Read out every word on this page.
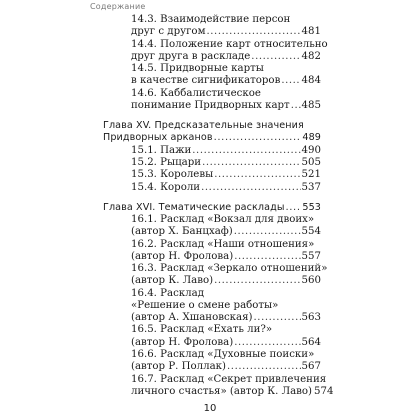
Содержание
14.3. Взаимодействие персон
друг с другом .....	481
14.4. Положение карт относительно
друг друга в раскладе .....	482
14.5. Придворные карты
в качестве сигнификаторов ..... 484
14.6. Каббалистическое
понимание Придворных карт ..... 485
Глава XV. Предсказательные значения
Придворных арканов .....	489
15.1. Пажи .....	490
15.2. Рыцари .....	505
15.3. Королевы .....	521
15.4. Короли .....	537
Глава XVI. Тематические расклады ..... 553
16.1. Расклад «Вокзал для двоих»
(автор Х. Банцхаф) .....	554
16.2. Расклад «Наши отношения»
(автор Н. Фролова) .....	557
16.3. Расклад «Зеркало отношений»
(автор К. Лаво) .....	560
16.4. Расклад
«Решение о смене работы»
(автор А. Хшановская) .....	563
16.5. Расклад «Ехать ли?»
(автор Н. Фролова) .....	564
16.6. Расклад «Духовные поиски»
(автор Р. Поллак) .....	567
16.7. Расклад «Секрет привлечения
личного счастья» (автор К. Лаво) 574
10
